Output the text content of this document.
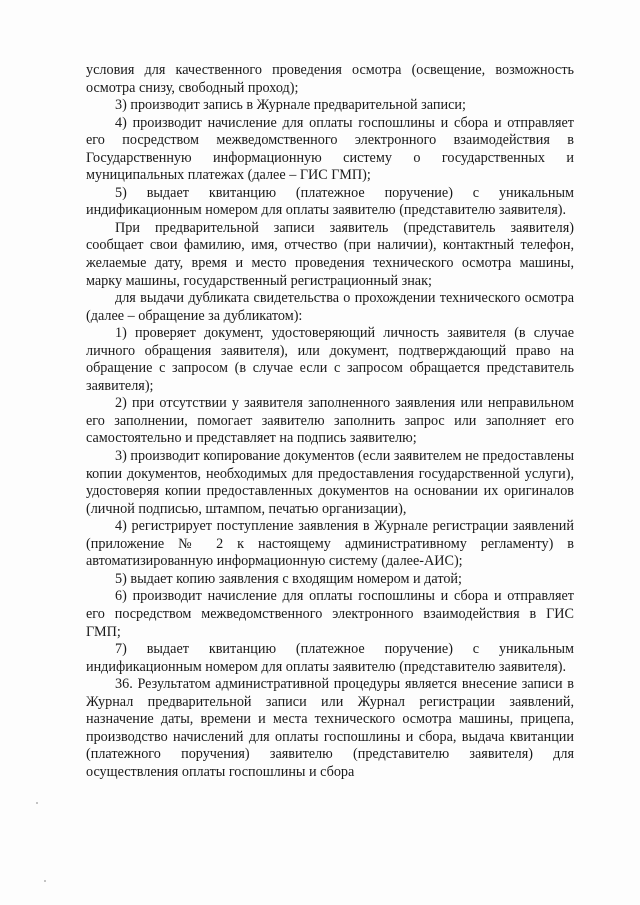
условия для качественного проведения осмотра (освещение, возможность осмотра снизу, свободный проход);

3) производит запись в Журнале предварительной записи;

4) производит начисление для оплаты госпошлины и сбора и отправляет его посредством межведомственного электронного взаимодействия в Государственную информационную систему о государственных и муниципальных платежах (далее – ГИС ГМП);

5) выдает квитанцию (платежное поручение) с уникальным индификационным номером для оплаты заявителю (представителю заявителя).

При предварительной записи заявитель (представитель заявителя) сообщает свои фамилию, имя, отчество (при наличии), контактный телефон, желаемые дату, время и место проведения технического осмотра машины, марку машины, государственный регистрационный знак;

для выдачи дубликата свидетельства о прохождении технического осмотра (далее – обращение за дубликатом):

1) проверяет документ, удостоверяющий личность заявителя (в случае личного обращения заявителя), или документ, подтверждающий право на обращение с запросом (в случае если с запросом обращается представитель заявителя);

2) при отсутствии у заявителя заполненного заявления или неправильном его заполнении, помогает заявителю заполнить запрос или заполняет его самостоятельно и представляет на подпись заявителю;

3) производит копирование документов (если заявителем не предоставлены копии документов, необходимых для предоставления государственной услуги), удостоверяя копии предоставленных документов на основании их оригиналов (личной подписью, штампом, печатью организации),

4) регистрирует поступление заявления в Журнале регистрации заявлений (приложение № 2 к настоящему административному регламенту) в автоматизированную информационную систему (далее-АИС);

5) выдает копию заявления с входящим номером и датой;

6) производит начисление для оплаты госпошлины и сбора и отправляет его посредством межведомственного электронного взаимодействия в ГИС ГМП;

7) выдает квитанцию (платежное поручение) с уникальным индификационным номером для оплаты заявителю (представителю заявителя).

36. Результатом административной процедуры является внесение записи в Журнал предварительной записи или Журнал регистрации заявлений, назначение даты, времени и места технического осмотра машины, прицепа, производство начислений для оплаты госпошлины и сбора, выдача квитанции (платежного поручения) заявителю (представителю заявителя) для осуществления оплаты госпошлины и сбора
